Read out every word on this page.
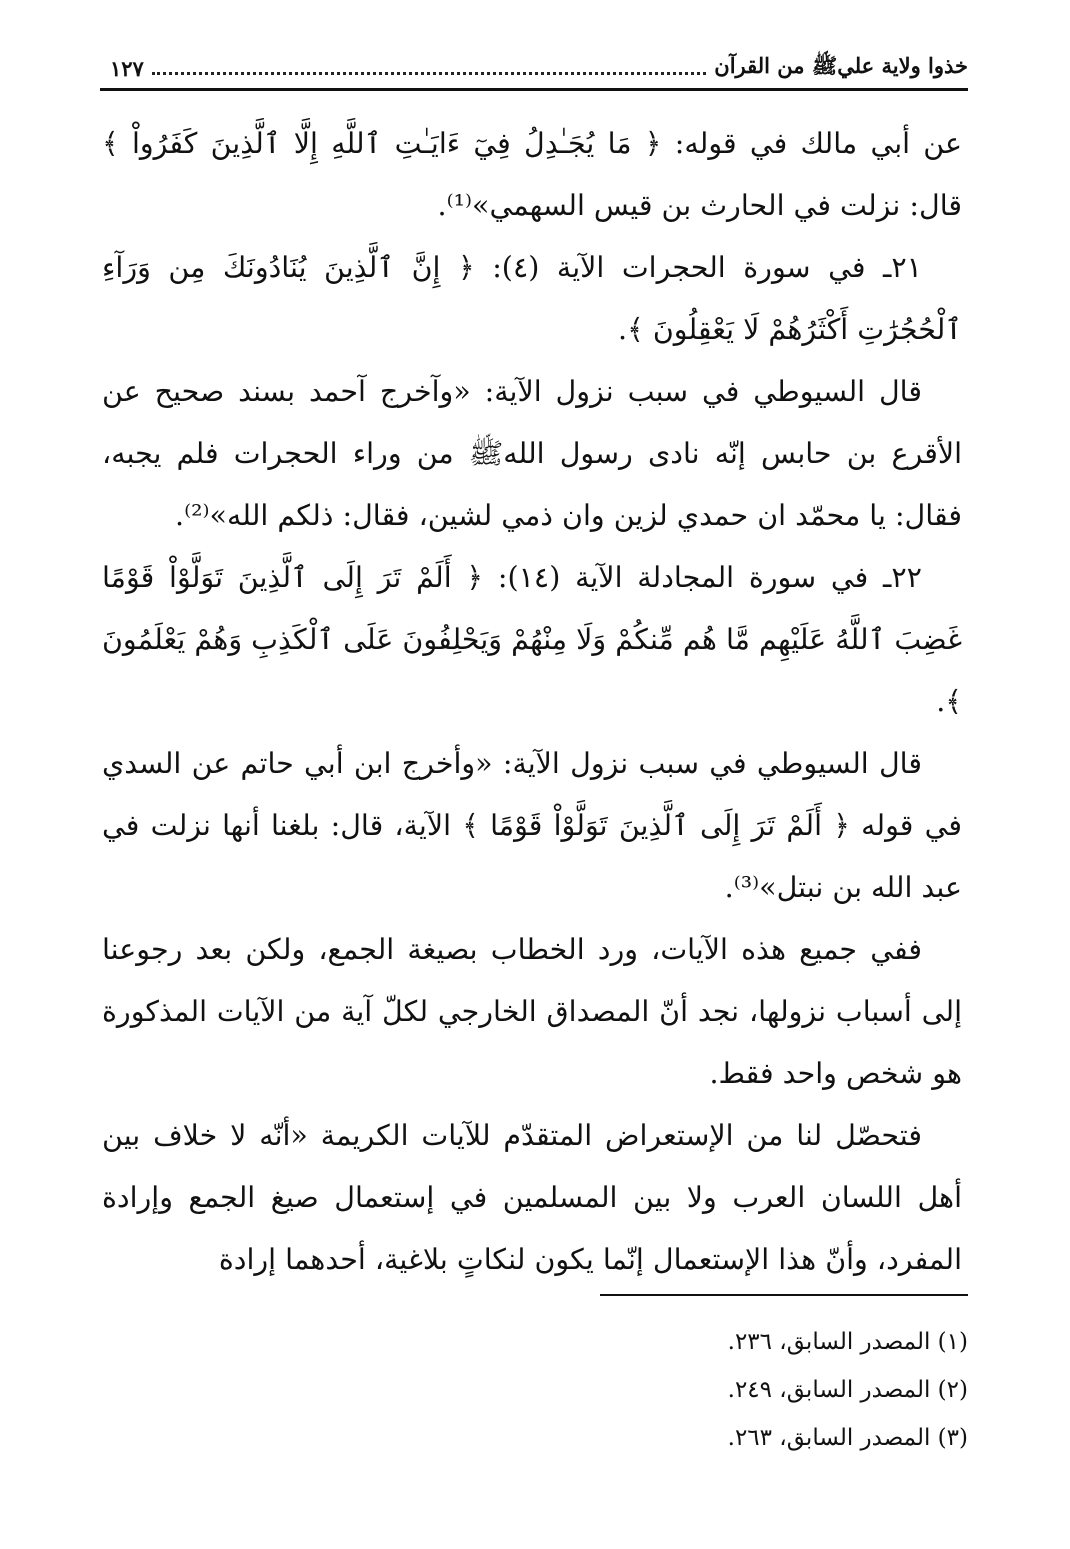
خذوا ولاية عليﷺ من القرآن
١٢٧

عن أبي مالك في قوله: ﴿ مَا يُجَـٰدِلُ فِيٓ ءَايَـٰتِ ٱللَّهِ إِلَّا ٱلَّذِينَ كَفَرُواْ ﴾ قال: نزلت في الحارث بن قيس السهمي»⁽¹⁾.

٢١ـ في سورة الحجرات الآية (٤): ﴿ إِنَّ ٱلَّذِينَ يُنَادُونَكَ مِن وَرَآءِ ٱلْحُجُرَٰتِ أَكْثَرُهُمْ لَا يَعْقِلُونَ ﴾.

قال السيوطي في سبب نزول الآية: «وآخرج آحمد بسند صحيح عن الأقرع بن حابس إنّه نادى رسول اللهﷺ من وراء الحجرات فلم يجبه، فقال: يا محمّد ان حمدي لزين وان ذمي لشين، فقال: ذلكم الله»⁽²⁾.

٢٢ـ في سورة المجادلة الآية (١٤): ﴿ أَلَمْ تَرَ إِلَى ٱلَّذِينَ تَوَلَّوْاْ قَوْمًا غَضِبَ ٱللَّهُ عَلَيْهِم مَّا هُم مِّنكُمْ وَلَا مِنْهُمْ وَيَحْلِفُونَ عَلَى ٱلْكَذِبِ وَهُمْ يَعْلَمُونَ ﴾.

قال السيوطي في سبب نزول الآية: «وأخرج ابن أبي حاتم عن السدي في قوله ﴿ أَلَمْ تَرَ إِلَى ٱلَّذِينَ تَوَلَّوْاْ قَوْمًا ﴾ الآية، قال: بلغنا أنها نزلت في عبد الله بن نبتل»⁽³⁾.

ففي جميع هذه الآيات، ورد الخطاب بصيغة الجمع، ولكن بعد رجوعنا إلى أسباب نزولها، نجد أنّ المصداق الخارجي لكلّ آية من الآيات المذكورة هو شخص واحد فقط.

فتحصّل لنا من الإستعراض المتقدّم للآيات الكريمة «أنّه لا خلاف بين أهل اللسان العرب ولا بين المسلمين في إستعمال صيغ الجمع وإرادة المفرد، وأنّ هذا الإستعمال إنّما يكون لنكاتٍ بلاغية، أحدهما إرادة

(١) المصدر السابق، ٢٣٦.
(٢) المصدر السابق، ٢٤٩.
(٣) المصدر السابق، ٢٦٣.
